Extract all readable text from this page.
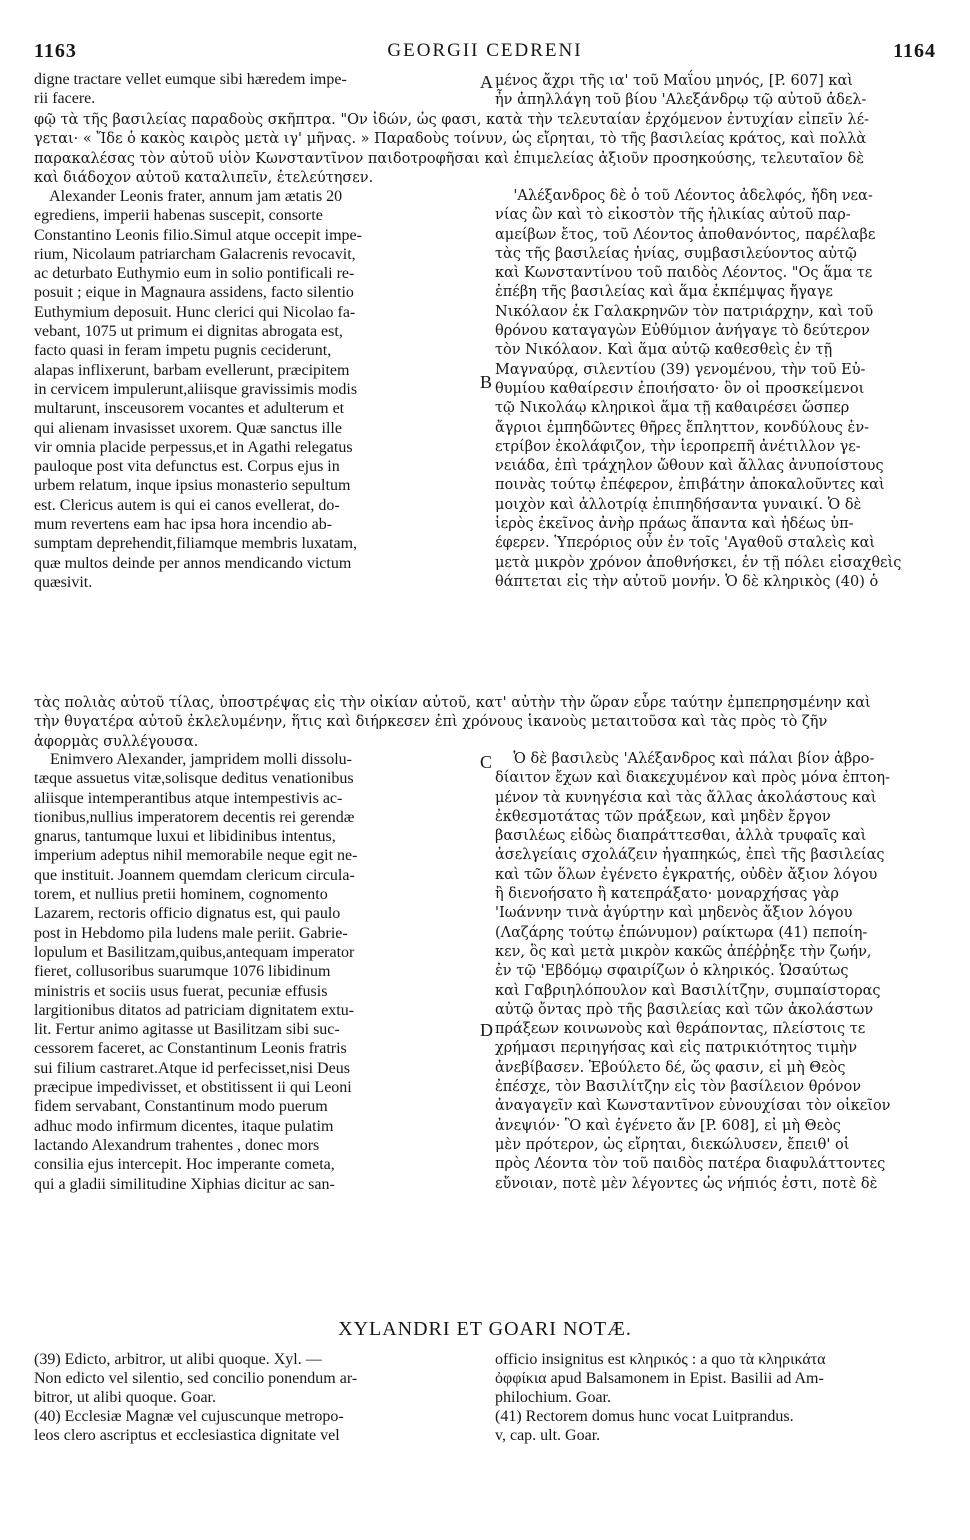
1163	GEORGII CEDRENI	1164

digne tractare vellet eumque sibi hæredem impe-
rii facere.

μένος ἄχρι τῆς ια' τοῦ Μαΐου μηνός, [P. 607] καὶ
ἦν ἀπηλλάγη τοῦ βίου 'Αλεξάνδρῳ τῷ αὐτοῦ ἀδελ-

A

φῷ τὰ τῆς βασιλείας παραδοὺς σκῆπτρα. "Ον ἰδών, ὡς φασι, κατὰ τὴν τελευταίαν ἐρχόμενον ἐντυχίαν εἰπεῖν λέ-
γεται· « Ἴδε ὁ κακὸς καιρὸς μετὰ ιγ' μῆνας. » Παραδοὺς τοίνυν, ὡς εἴρηται, τὸ τῆς βασιλείας κράτος, καὶ πολλὰ
παρακαλέσας τὸν αὐτοῦ υἱὸν Κωνσταντῖνον παιδοτροφῆσαι καὶ ἐπιμελείας ἀξιοῦν προσηκούσης, τελευταῖον δὲ
καὶ διάδοχον αὐτοῦ καταλιπεῖν, ἐτελεύτησεν.

Alexander Leonis frater, annum jam ætatis 20
egrediens, imperii habenas suscepit, consorte
Constantino Leonis filio.Simul atque occepit impe-
rium, Nicolaum patriarcham Galacrenis revocavit,
ac deturbato Euthymio eum in solio pontificali re-
posuit ; eique in Magnaura assidens, facto silentio
Euthymium deposuit. Hunc clerici qui Nicolao fa-
vebant, 1075 ut primum ei dignitas abrogata est,
facto quasi in feram impetu pugnis ceciderunt,
alapas inflixerunt, barbam evellerunt, præcipitem
in cervicem impulerunt,aliisque gravissimis modis
multarunt, insceusorem vocantes et adulterum et
qui alienam invasisset uxorem. Quæ sanctus ille
vir omnia placide perpessus,et in Agathi relegatus
pauloque post vita defunctus est. Corpus ejus in
urbem relatum, inque ipsius monasterio sepultum
est. Clericus autem is qui ei canos evellerat, do-
mum revertens eam hac ipsa hora incendio ab-
sumptam deprehendit,filiamque membris luxatam,
quæ multos deinde per annos mendicando victum
quæsivit.

'Αλέξανδρος δὲ ὁ τοῦ Λέοντος ἀδελφός, ἤδη νεα-
νίας ὢν καὶ τὸ εἰκοστὸν τῆς ἡλικίας αὐτοῦ παρ-
αμείβων ἔτος, τοῦ Λέοντος ἀποθανόντος, παρέλαβε
τὰς τῆς βασιλείας ἡνίας, συμβασιλεύοντος αὐτῷ
καὶ Κωνσταντίνου τοῦ παιδὸς Λέοντος. "Ος ἅμα τε
ἐπέβη τῆς βασιλείας καὶ ἅμα ἐκπέμψας ἤγαγε
Νικόλαον ἐκ Γαλακρηνῶν τὸν πατριάρχην, καὶ τοῦ
θρόνου καταγαγὼν Εὐθύμιον ἀνήγαγε τὸ δεύτερον
τὸν Νικόλαον. Καὶ ἅμα αὐτῷ καθεσθεὶς ἐν τῇ
Μαγναύρᾳ, σιλεντίου (39) γενομένου, τὴν τοῦ Εὐ-
θυμίου καθαίρεσιν ἐποιήσατο· ὃν οἱ προσκείμενοι
τῷ Νικολάῳ κληρικοὶ ἅμα τῇ καθαιρέσει ὥσπερ
ἄγριοι ἐμπηδῶντες θῆρες ἔπληττον, κονδύλους ἐν-
ετρίβον ἐκολάφιζον, τὴν ἱεροπρεπῆ ἀνέτιλλον γε-
νειάδα, ἐπὶ τράχηλον ὤθουν καὶ ἄλλας ἀνυποίστους
ποινὰς τούτῳ ἐπέφερον, ἐπιβάτην ἀποκαλοῦντες καὶ
μοιχὸν καὶ ἀλλοτρίᾳ ἐπιπηδήσαντα γυναικί. Ὁ δὲ
ἱερὸς ἐκεῖνος ἀνὴρ πράως ἅπαντα καὶ ἡδέως ὑπ-
έφερεν. Ὑπερόριος οὖν ἐν τοῖς 'Αγαθοῦ σταλεὶς καὶ
μετὰ μικρὸν χρόνον ἀποθνήσκει, ἐν τῇ πόλει εἰσαχθεὶς
θάπτεται εἰς τὴν αὐτοῦ μονήν. Ὁ δὲ κληρικὸς (40) ὁ

B

τὰς πολιὰς αὐτοῦ τίλας, ὑποστρέψας εἰς τὴν οἰκίαν αὐτοῦ, κατ' αὐτὴν τὴν ὥραν εὗρε ταύτην ἐμπεπρησμένην καὶ
τὴν θυγατέρα αὐτοῦ ἐκλελυμένην, ἥτις καὶ διήρκεσεν ἐπὶ χρόνους ἱκανοὺς μεταιτοῦσα καὶ τὰς πρὸς τὸ ζῆν
ἀφορμὰς συλλέγουσα.

Enimvero Alexander, jampridem molli dissolu-
tæque assuetus vitæ,solisque deditus venationibus
aliisque intemperantibus atque intempestivis ac-
tionibus,nullius imperatorem decentis rei gerendæ
gnarus, tantumque luxui et libidinibus intentus,
imperium adeptus nihil memorabile neque egit ne-
que instituit. Joannem quemdam clericum circula-
torem, et nullius pretii hominem, cognomento
Lazarem, rectoris officio dignatus est, qui paulo
post in Hebdomo pila ludens male periit. Gabrie-
lopulum et Basilitzam,quibus,antequam imperator
fieret, collusoribus suarumque 1076 libidinum
ministris et sociis usus fuerat, pecuniæ effusis
largitionibus ditatos ad patriciam dignitatem extu-
lit. Fertur animo agitasse ut Basilitzam sibi suc-
cessorem faceret, ac Constantinum Leonis fratris
sui filium castraret.Atque id perfecisset,nisi Deus
præcipue impedivisset, et obstitissent ii qui Leoni
fidem servabant, Constantinum modo puerum
adhuc modo infirmum dicentes, itaque pulatim
lactando Alexandrum trahentes , donec mors
consilia ejus intercepit. Hoc imperante cometa,
qui a gladii similitudine Xiphias dicitur ac san-

Ὁ δὲ βασιλεὺς 'Αλέξανδρος καὶ πάλαι βίον ἁβρο-
δίαιτον ἔχων καὶ διακεχυμένον καὶ πρὸς μόνα ἐπτοη-
μένον τὰ κυνηγέσια καὶ τὰς ἄλλας ἀκολάστους καὶ
ἐκθεσμοτάτας τῶν πράξεων, καὶ μηδὲν ἔργον
βασιλέως εἰδὼς διαπράττεσθαι, ἀλλὰ τρυφαῖς καὶ
ἀσελγείαις σχολάζειν ἠγαπηκώς, ἐπεὶ τῆς βασιλείας
καὶ τῶν ὅλων ἐγένετο ἐγκρατής, οὐδὲν ἄξιον λόγου
ἢ διενοήσατο ἢ κατεπράξατο· μοναρχήσας γὰρ
'Ιωάννην τινὰ ἀγύρτην καὶ μηδενὸς ἄξιον λόγου
(Λαζάρης τούτῳ ἐπώνυμον) ραίκτωρα (41) πεποίη-
κεν, ὃς καὶ μετὰ μικρὸν κακῶς ἀπέῤῥηξε τὴν ζωήν,
ἐν τῷ 'Εβδόμῳ σφαιρίζων ὁ κληρικός. Ὡσαύτως
καὶ Γαβριηλόπουλον καὶ Βασιλίτζην, συμπαίστορας
αὐτῷ ὄντας πρὸ τῆς βασιλείας καὶ τῶν ἀκολάστων
πράξεων κοινωνοὺς καὶ θεράποντας, πλείστοις τε
χρήμασι περιηγήσας καὶ εἰς πατρικιότητος τιμὴν
ἀνεβίβασεν. Ἐβούλετο δέ, ὥς φασιν, εἰ μὴ Θεὸς
ἐπέσχε, τὸν Βασιλίτζην εἰς τὸν βασίλειον θρόνον
ἀναγαγεῖν καὶ Κωνσταντῖνον εὐνουχίσαι τὸν οἰκεῖον
ἀνεψιόν· Ὃ καὶ ἐγένετο ἄν [P. 608], εἰ μὴ Θεὸς
μὲν πρότερον, ὡς εἴρηται, διεκώλυσεν, ἔπειθ' οἱ
πρὸς Λέοντα τὸν τοῦ παιδὸς πατέρα διαφυλάττοντες
εὔνοιαν, ποτὲ μὲν λέγοντες ὡς νήπιός ἐστι, ποτὲ δὲ

C
D
XYLANDRI ET GOARI NOTÆ.

(39) Edicto, arbitror, ut alibi quoque. Xyl. —
Non edicto vel silentio, sed concilio ponendum ar-
bitror, ut alibi quoque. Goar.
(40) Ecclesiæ Magnæ vel cujuscunque metropo-
leos clero ascriptus et ecclesiastica dignitate vel

officio insignitus est κληρικός : a quo τὰ κληρικάτα
ὀφφίκια apud Balsamonem in Epist. Basilii ad Am-
philochium. Goar.
(41) Rectorem domus hunc vocat Luitprandus.
v, cap. ult. Goar.
